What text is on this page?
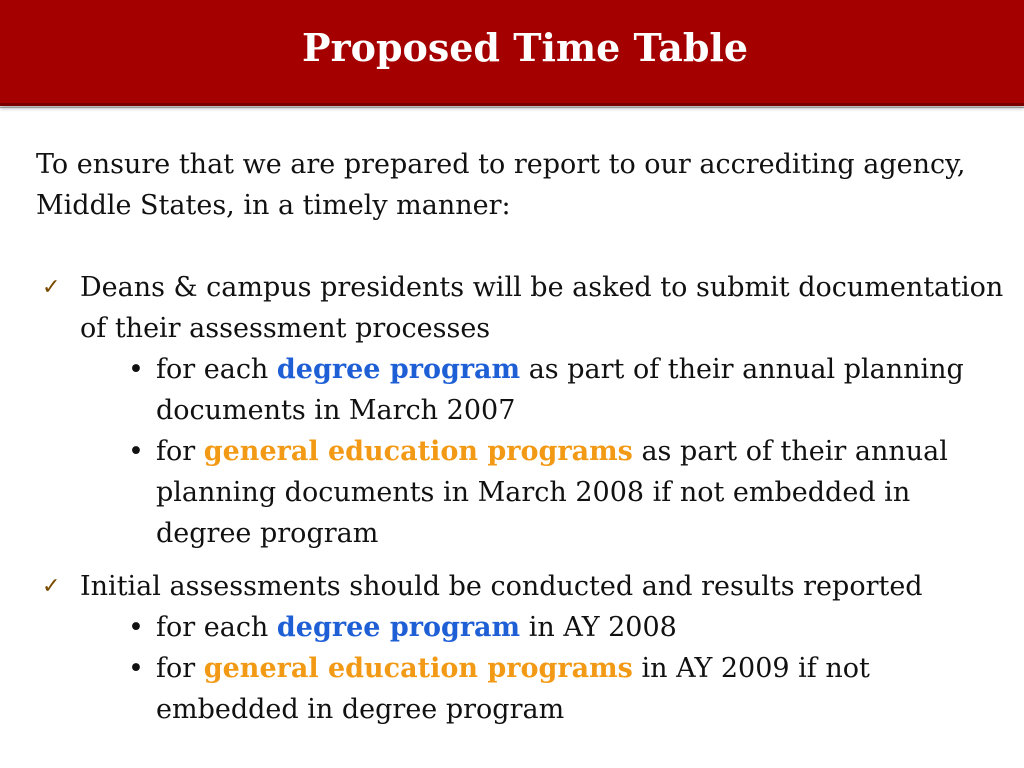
Proposed Time Table

To ensure that we are prepared to report to our accrediting agency, Middle States, in a timely manner:

✓ Deans & campus presidents will be asked to submit documentation of their assessment processes

• for each degree program as part of their annual planning documents in March 2007
• for general education programs as part of their annual planning documents in March 2008 if not embedded in degree program
✓ Initial assessments should be conducted and results reported

• for each degree program in AY 2008
• for general education programs in AY 2009 if not embedded in degree program
